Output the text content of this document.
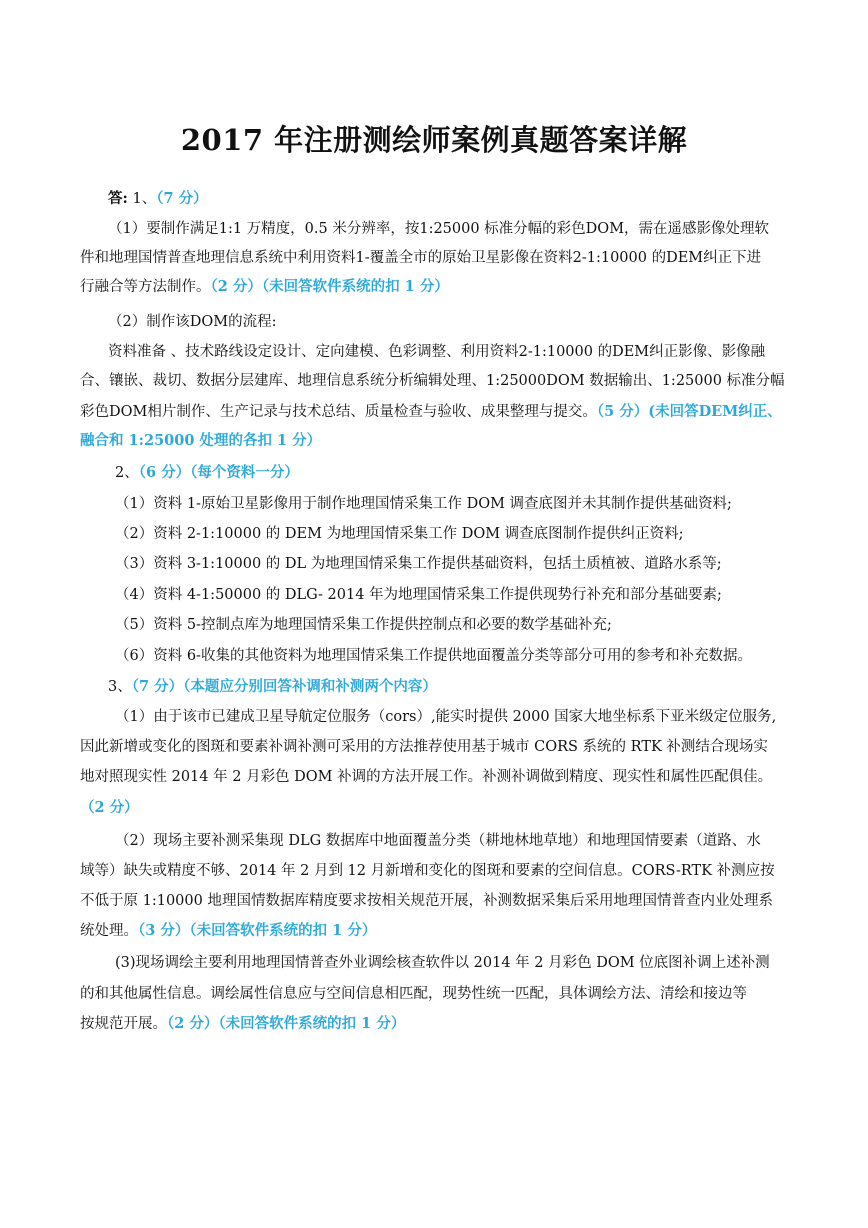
2017 年注册测绘师案例真题答案详解
答: 1、（7 分）
（1）要制作满足1:1 万精度，0.5 米分辨率，按1:25000 标准分幅的彩色DOM，需在遥感影像处理软
件和地理国情普查地理信息系统中利用资料1-覆盖全市的原始卫星影像在资料2-1:10000 的DEM纠正下进
行融合等方法制作。（2 分）（未回答软件系统的扣 1 分）
（2）制作该DOM的流程:
资料准备 、技术路线设定设计、定向建模、色彩调整、利用资料2-1:10000 的DEM纠正影像、影像融
合、镶嵌、裁切、数据分层建库、地理信息系统分析编辑处理、1:25000DOM 数据输出、1:25000 标准分幅
彩色DOM相片制作、生产记录与技术总结、质量检查与验收、成果整理与提交。（5 分）(未回答DEM纠正、
融合和 1:25000 处理的各扣 1 分）
2、（6 分）（每个资料一分）
（1）资料 1-原始卫星影像用于制作地理国情采集工作 DOM 调查底图并未其制作提供基础资料;
（2）资料 2-1:10000 的 DEM 为地理国情采集工作 DOM 调查底图制作提供纠正资料;
（3）资料 3-1:10000 的 DL 为地理国情采集工作提供基础资料，包括土质植被、道路水系等;
（4）资料 4-1:50000 的 DLG- 2014 年为地理国情采集工作提供现势行补充和部分基础要素;
（5）资料 5-控制点库为地理国情采集工作提供控制点和必要的数学基础补充;
（6）资料 6-收集的其他资料为地理国情采集工作提供地面覆盖分类等部分可用的参考和补充数据。
3、（7 分）（本题应分别回答补调和补测两个内容）
（1）由于该市已建成卫星导航定位服务（cors）,能实时提供 2000 国家大地坐标系下亚米级定位服务,
因此新增或变化的图斑和要素补调补测可采用的方法推荐使用基于城市 CORS 系统的 RTK 补测结合现场实
地对照现实性 2014 年 2 月彩色 DOM 补调的方法开展工作。补测补调做到精度、现实性和属性匹配俱佳。
（2 分）
（2）现场主要补测采集现 DLG 数据库中地面覆盖分类（耕地林地草地）和地理国情要素（道路、水
域等）缺失或精度不够、2014 年 2 月到 12 月新增和变化的图斑和要素的空间信息。CORS-RTK 补测应按
不低于原 1:10000 地理国情数据库精度要求按相关规范开展，补测数据采集后采用地理国情普查内业处理系
统处理。（3 分）（未回答软件系统的扣 1 分）
(3)现场调绘主要利用地理国情普查外业调绘核查软件以 2014 年 2 月彩色 DOM 位底图补调上述补测
的和其他属性信息。调绘属性信息应与空间信息相匹配，现势性统一匹配，具体调绘方法、清绘和接边等
按规范开展。（2 分）（未回答软件系统的扣 1 分）
